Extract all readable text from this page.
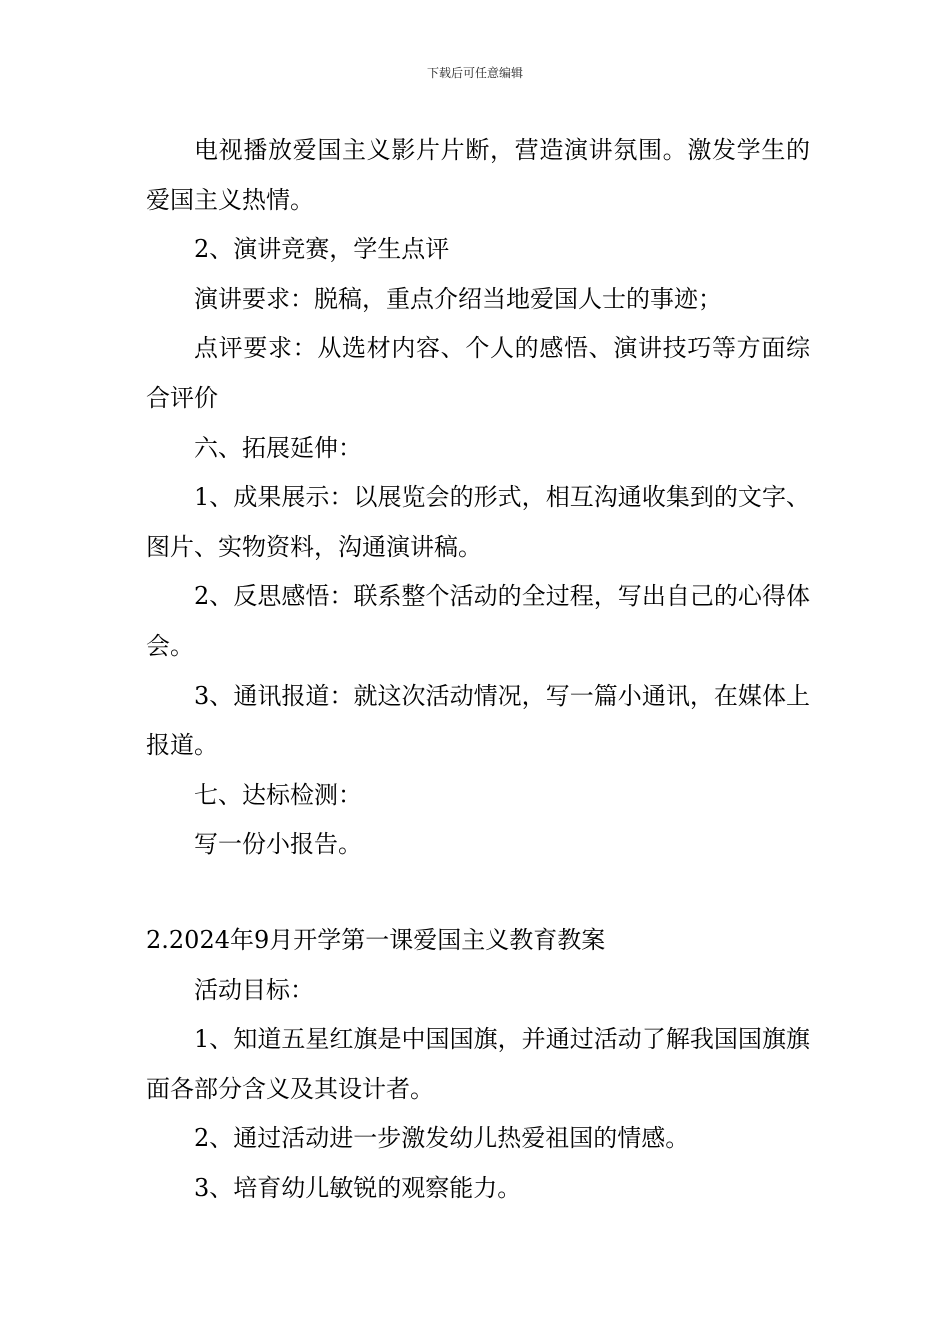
下载后可任意编辑

电视播放爱国主义影片片断，营造演讲氛围。激发学生的爱国主义热情。

2、演讲竞赛，学生点评

演讲要求：脱稿，重点介绍当地爱国人士的事迹；

点评要求：从选材内容、个人的感悟、演讲技巧等方面综合评价

六、拓展延伸：

1、成果展示：以展览会的形式，相互沟通收集到的文字、图片、实物资料，沟通演讲稿。

2、反思感悟：联系整个活动的全过程，写出自己的心得体会。

3、通讯报道：就这次活动情况，写一篇小通讯，在媒体上报道。

七、达标检测：

写一份小报告。

2.2024年9月开学第一课爱国主义教育教案

活动目标：

1、知道五星红旗是中国国旗，并通过活动了解我国国旗旗面各部分含义及其设计者。

2、通过活动进一步激发幼儿热爱祖国的情感。

3、培育幼儿敏锐的观察能力。
